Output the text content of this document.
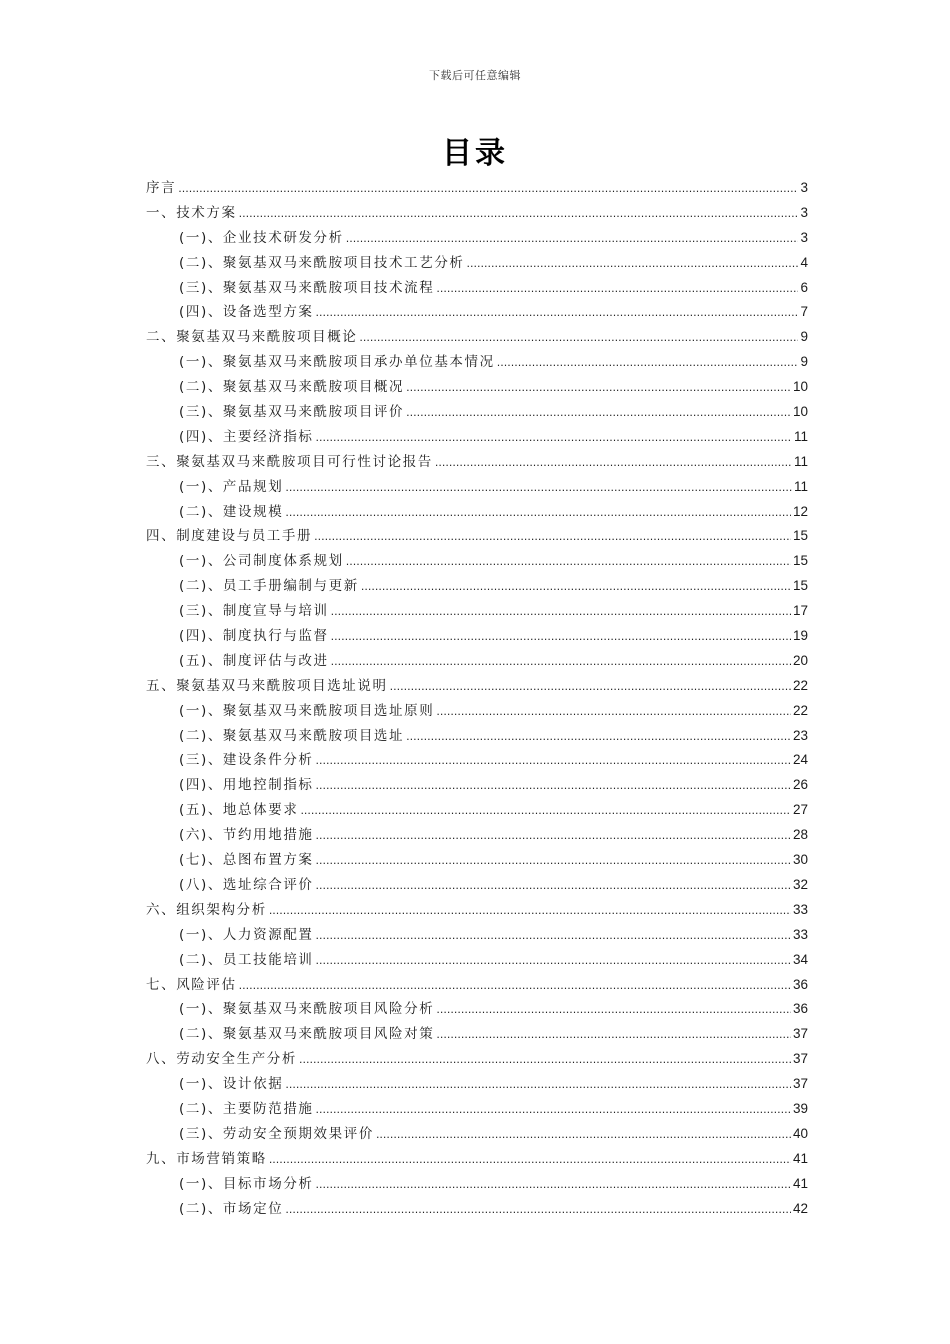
下载后可任意编辑
目录
序言 .....	3
一、技术方案 .....	3
(一)、企业技术研发分析 .....	3
(二)、聚氨基双马来酰胺项目技术工艺分析 .....	4
(三)、聚氨基双马来酰胺项目技术流程 .....	6
(四)、设备选型方案 .....	7
二、聚氨基双马来酰胺项目概论 .....	9
(一)、聚氨基双马来酰胺项目承办单位基本情况 .....	9
(二)、聚氨基双马来酰胺项目概况 .....	10
(三)、聚氨基双马来酰胺项目评价 .....	10
(四)、主要经济指标 .....	11
三、聚氨基双马来酰胺项目可行性讨论报告 .....	11
(一)、产品规划 .....	11
(二)、建设规模 .....	12
四、制度建设与员工手册 .....	15
(一)、公司制度体系规划 .....	15
(二)、员工手册编制与更新 .....	15
(三)、制度宣导与培训 .....	17
(四)、制度执行与监督 .....	19
(五)、制度评估与改进 .....	20
五、聚氨基双马来酰胺项目选址说明 .....	22
(一)、聚氨基双马来酰胺项目选址原则 .....	22
(二)、聚氨基双马来酰胺项目选址 .....	23
(三)、建设条件分析 .....	24
(四)、用地控制指标 .....	26
(五)、地总体要求 .....	27
(六)、节约用地措施 .....	28
(七)、总图布置方案 .....	30
(八)、选址综合评价 .....	32
六、组织架构分析 .....	33
(一)、人力资源配置 .....	33
(二)、员工技能培训 .....	34
七、风险评估 .....	36
(一)、聚氨基双马来酰胺项目风险分析 .....	36
(二)、聚氨基双马来酰胺项目风险对策 .....	37
八、劳动安全生产分析 .....	37
(一)、设计依据 .....	37
(二)、主要防范措施 .....	39
(三)、劳动安全预期效果评价 .....	40
九、市场营销策略 .....	41
(一)、目标市场分析 .....	41
(二)、市场定位 .....	42
